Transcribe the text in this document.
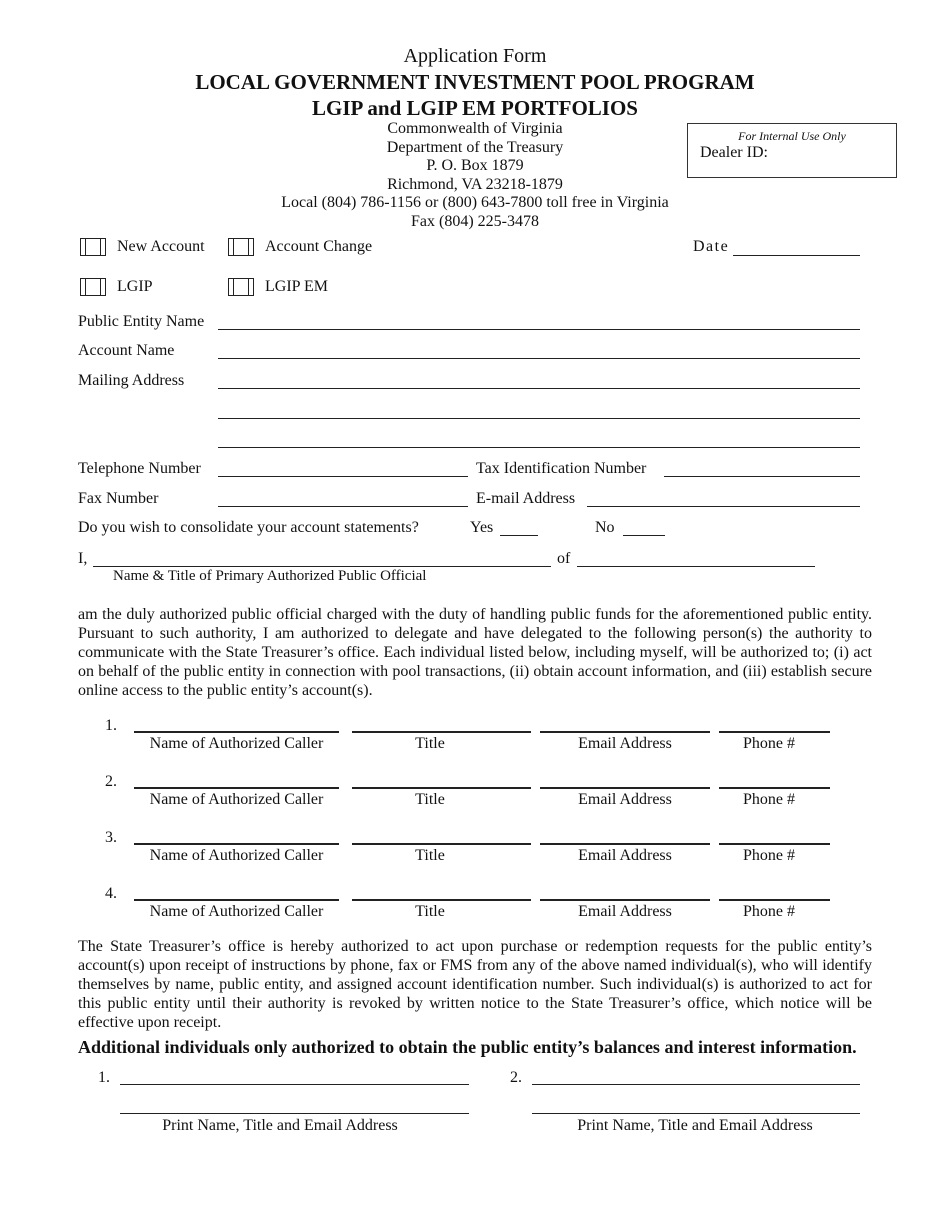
Application Form
LOCAL GOVERNMENT INVESTMENT POOL PROGRAM
LGIP and LGIP EM PORTFOLIOS
Commonwealth of Virginia
Department of the Treasury
P. O. Box 1879
Richmond, VA 23218-1879
Local (804) 786-1156 or (800) 643-7800 toll free in Virginia
Fax (804) 225-3478
For Internal Use Only
Dealer ID:
New Account	Account Change	Date
LGIP	LGIP EM
Public Entity Name
Account Name
Mailing Address
Telephone Number	Tax Identification Number
Fax Number	E-mail Address
Do you wish to consolidate your account statements?	Yes	No
I,	of
Name & Title of Primary Authorized Public Official
am the duly authorized public official charged with the duty of handling public funds for the aforementioned public entity. Pursuant to such authority, I am authorized to delegate and have delegated to the following person(s) the authority to communicate with the State Treasurer’s office. Each individual listed below, including myself, will be authorized to; (i) act on behalf of the public entity in connection with pool transactions, (ii) obtain account information, and (iii) establish secure online access to the public entity’s account(s).
1.
Name of Authorized Caller	Title	Email Address	Phone #
2.
Name of Authorized Caller	Title	Email Address	Phone #
3.
Name of Authorized Caller	Title	Email Address	Phone #
4.
Name of Authorized Caller	Title	Email Address	Phone #
The State Treasurer’s office is hereby authorized to act upon purchase or redemption requests for the public entity’s account(s) upon receipt of instructions by phone, fax or FMS from any of the above named individual(s), who will identify themselves by name, public entity, and assigned account identification number. Such individual(s) is authorized to act for this public entity until their authority is revoked by written notice to the State Treasurer’s office, which notice will be effective upon receipt.
Additional individuals only authorized to obtain the public entity’s balances and interest information.
1.
Print Name, Title and Email Address
2.
Print Name, Title and Email Address
